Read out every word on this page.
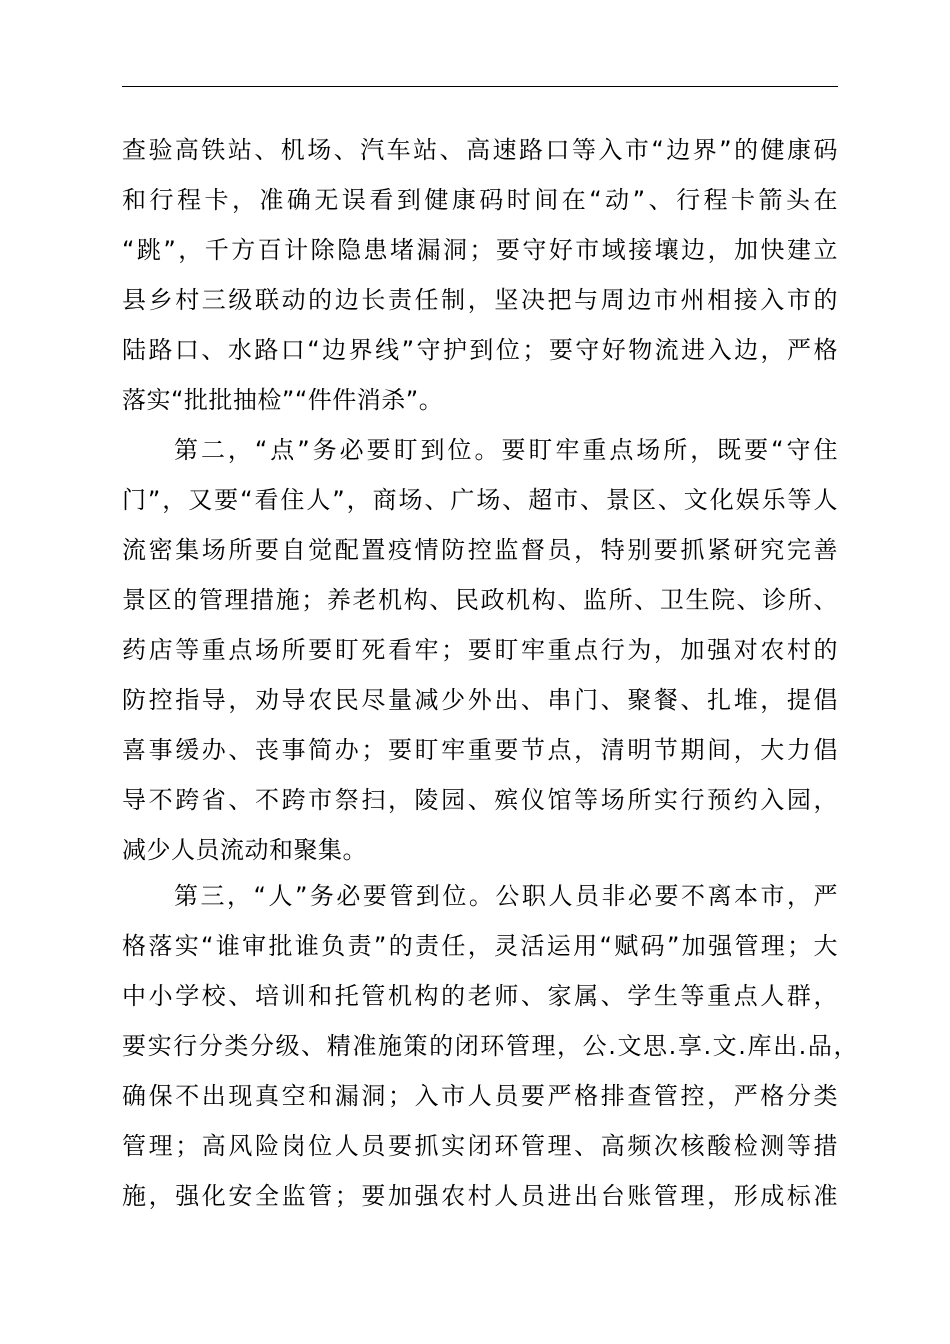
查验高铁站、机场、汽车站、高速路口等入市“边界”的健康码
和行程卡，准确无误看到健康码时间在“动”、行程卡箭头在
“跳”，千方百计除隐患堵漏洞；要守好市域接壤边，加快建立
县乡村三级联动的边长责任制，坚决把与周边市州相接入市的
陆路口、水路口“边界线”守护到位；要守好物流进入边，严格
落实“批批抽检”“件件消杀”。
第二，“点”务必要盯到位。要盯牢重点场所，既要“守住
门”，又要“看住人”，商场、广场、超市、景区、文化娱乐等人
流密集场所要自觉配置疫情防控监督员，特别要抓紧研究完善
景区的管理措施；养老机构、民政机构、监所、卫生院、诊所、
药店等重点场所要盯死看牢；要盯牢重点行为，加强对农村的
防控指导，劝导农民尽量减少外出、串门、聚餐、扎堆，提倡
喜事缓办、丧事简办；要盯牢重要节点，清明节期间，大力倡
导不跨省、不跨市祭扫，陵园、殡仪馆等场所实行预约入园，
减少人员流动和聚集。
第三，“人”务必要管到位。公职人员非必要不离本市，严
格落实“谁审批谁负责”的责任，灵活运用“赋码”加强管理；大
中小学校、培训和托管机构的老师、家属、学生等重点人群，
要实行分类分级、精准施策的闭环管理，公.文思.享.文.库出.品，
确保不出现真空和漏洞；入市人员要严格排查管控，严格分类
管理；高风险岗位人员要抓实闭环管理、高频次核酸检测等措
施，强化安全监管；要加强农村人员进出台账管理，形成标准
